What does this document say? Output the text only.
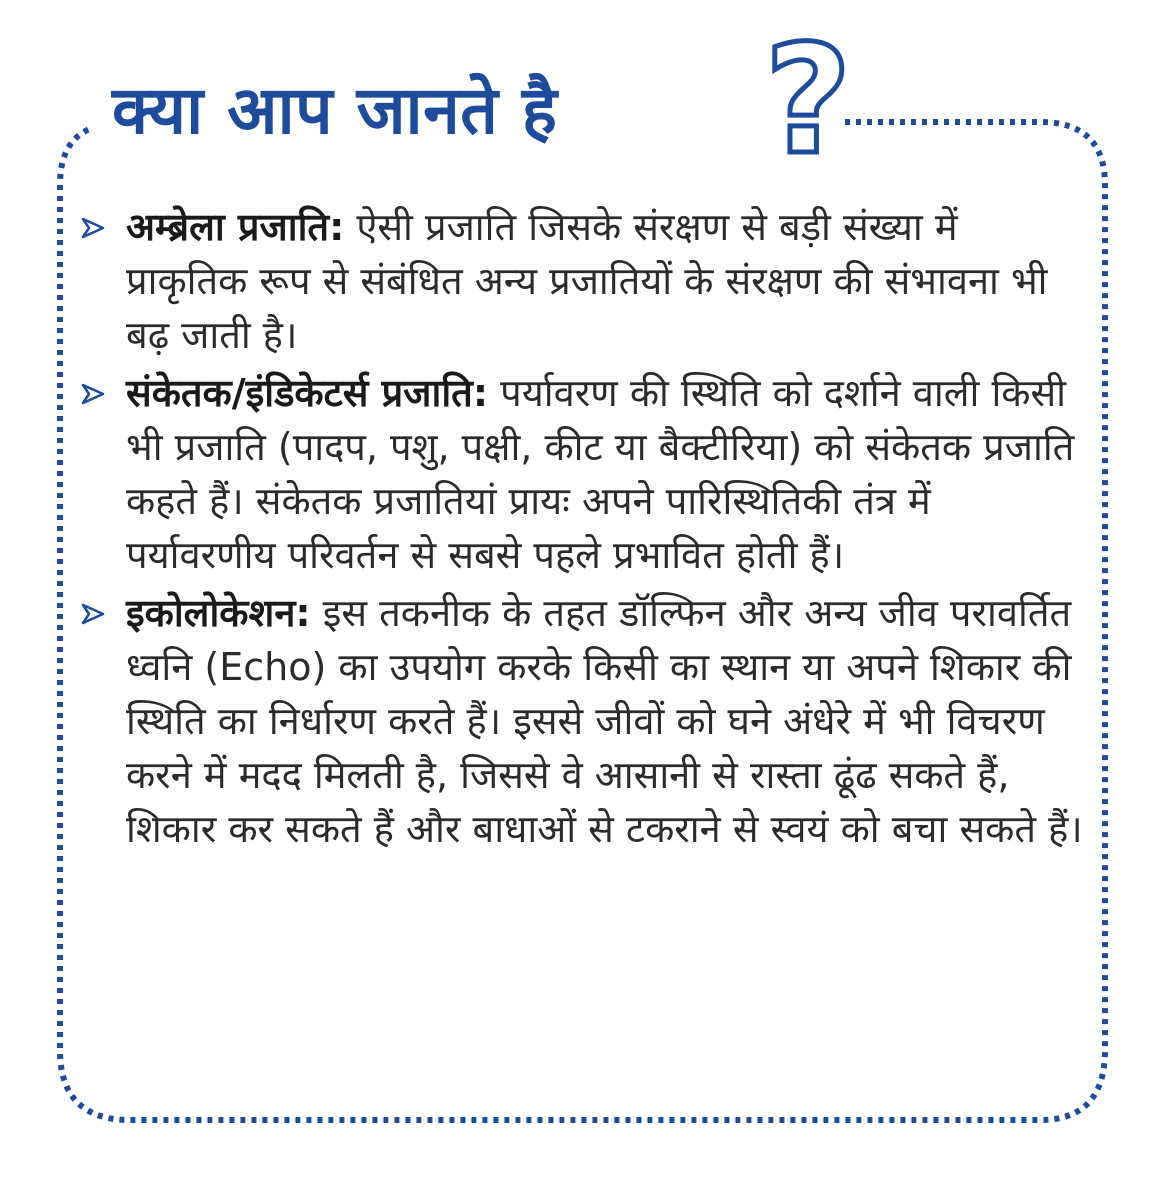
क्या आप जानते है ?
अम्ब्रेला प्रजाति: ऐसी प्रजाति जिसके संरक्षण से बड़ी संख्या में प्राकृतिक रूप से संबंधित अन्य प्रजातियों के संरक्षण की संभावना भी बढ़ जाती है।
संकेतक/इंडिकेटर्स प्रजाति: पर्यावरण की स्थिति को दर्शाने वाली किसी भी प्रजाति (पादप, पशु, पक्षी, कीट या बैक्टीरिया) को संकेतक प्रजाति कहते हैं। संकेतक प्रजातियां प्रायः अपने पारिस्थितिकी तंत्र में पर्यावरणीय परिवर्तन से सबसे पहले प्रभावित होती हैं।
इकोलोकेशन: इस तकनीक के तहत डॉल्फिन और अन्य जीव परावर्तित ध्वनि (Echo) का उपयोग करके किसी का स्थान या अपने शिकार की स्थिति का निर्धारण करते हैं। इससे जीवों को घने अंधेरे में भी विचरण करने में मदद मिलती है, जिससे वे आसानी से रास्ता ढूंढ सकते हैं, शिकार कर सकते हैं और बाधाओं से टकराने से स्वयं को बचा सकते हैं।
